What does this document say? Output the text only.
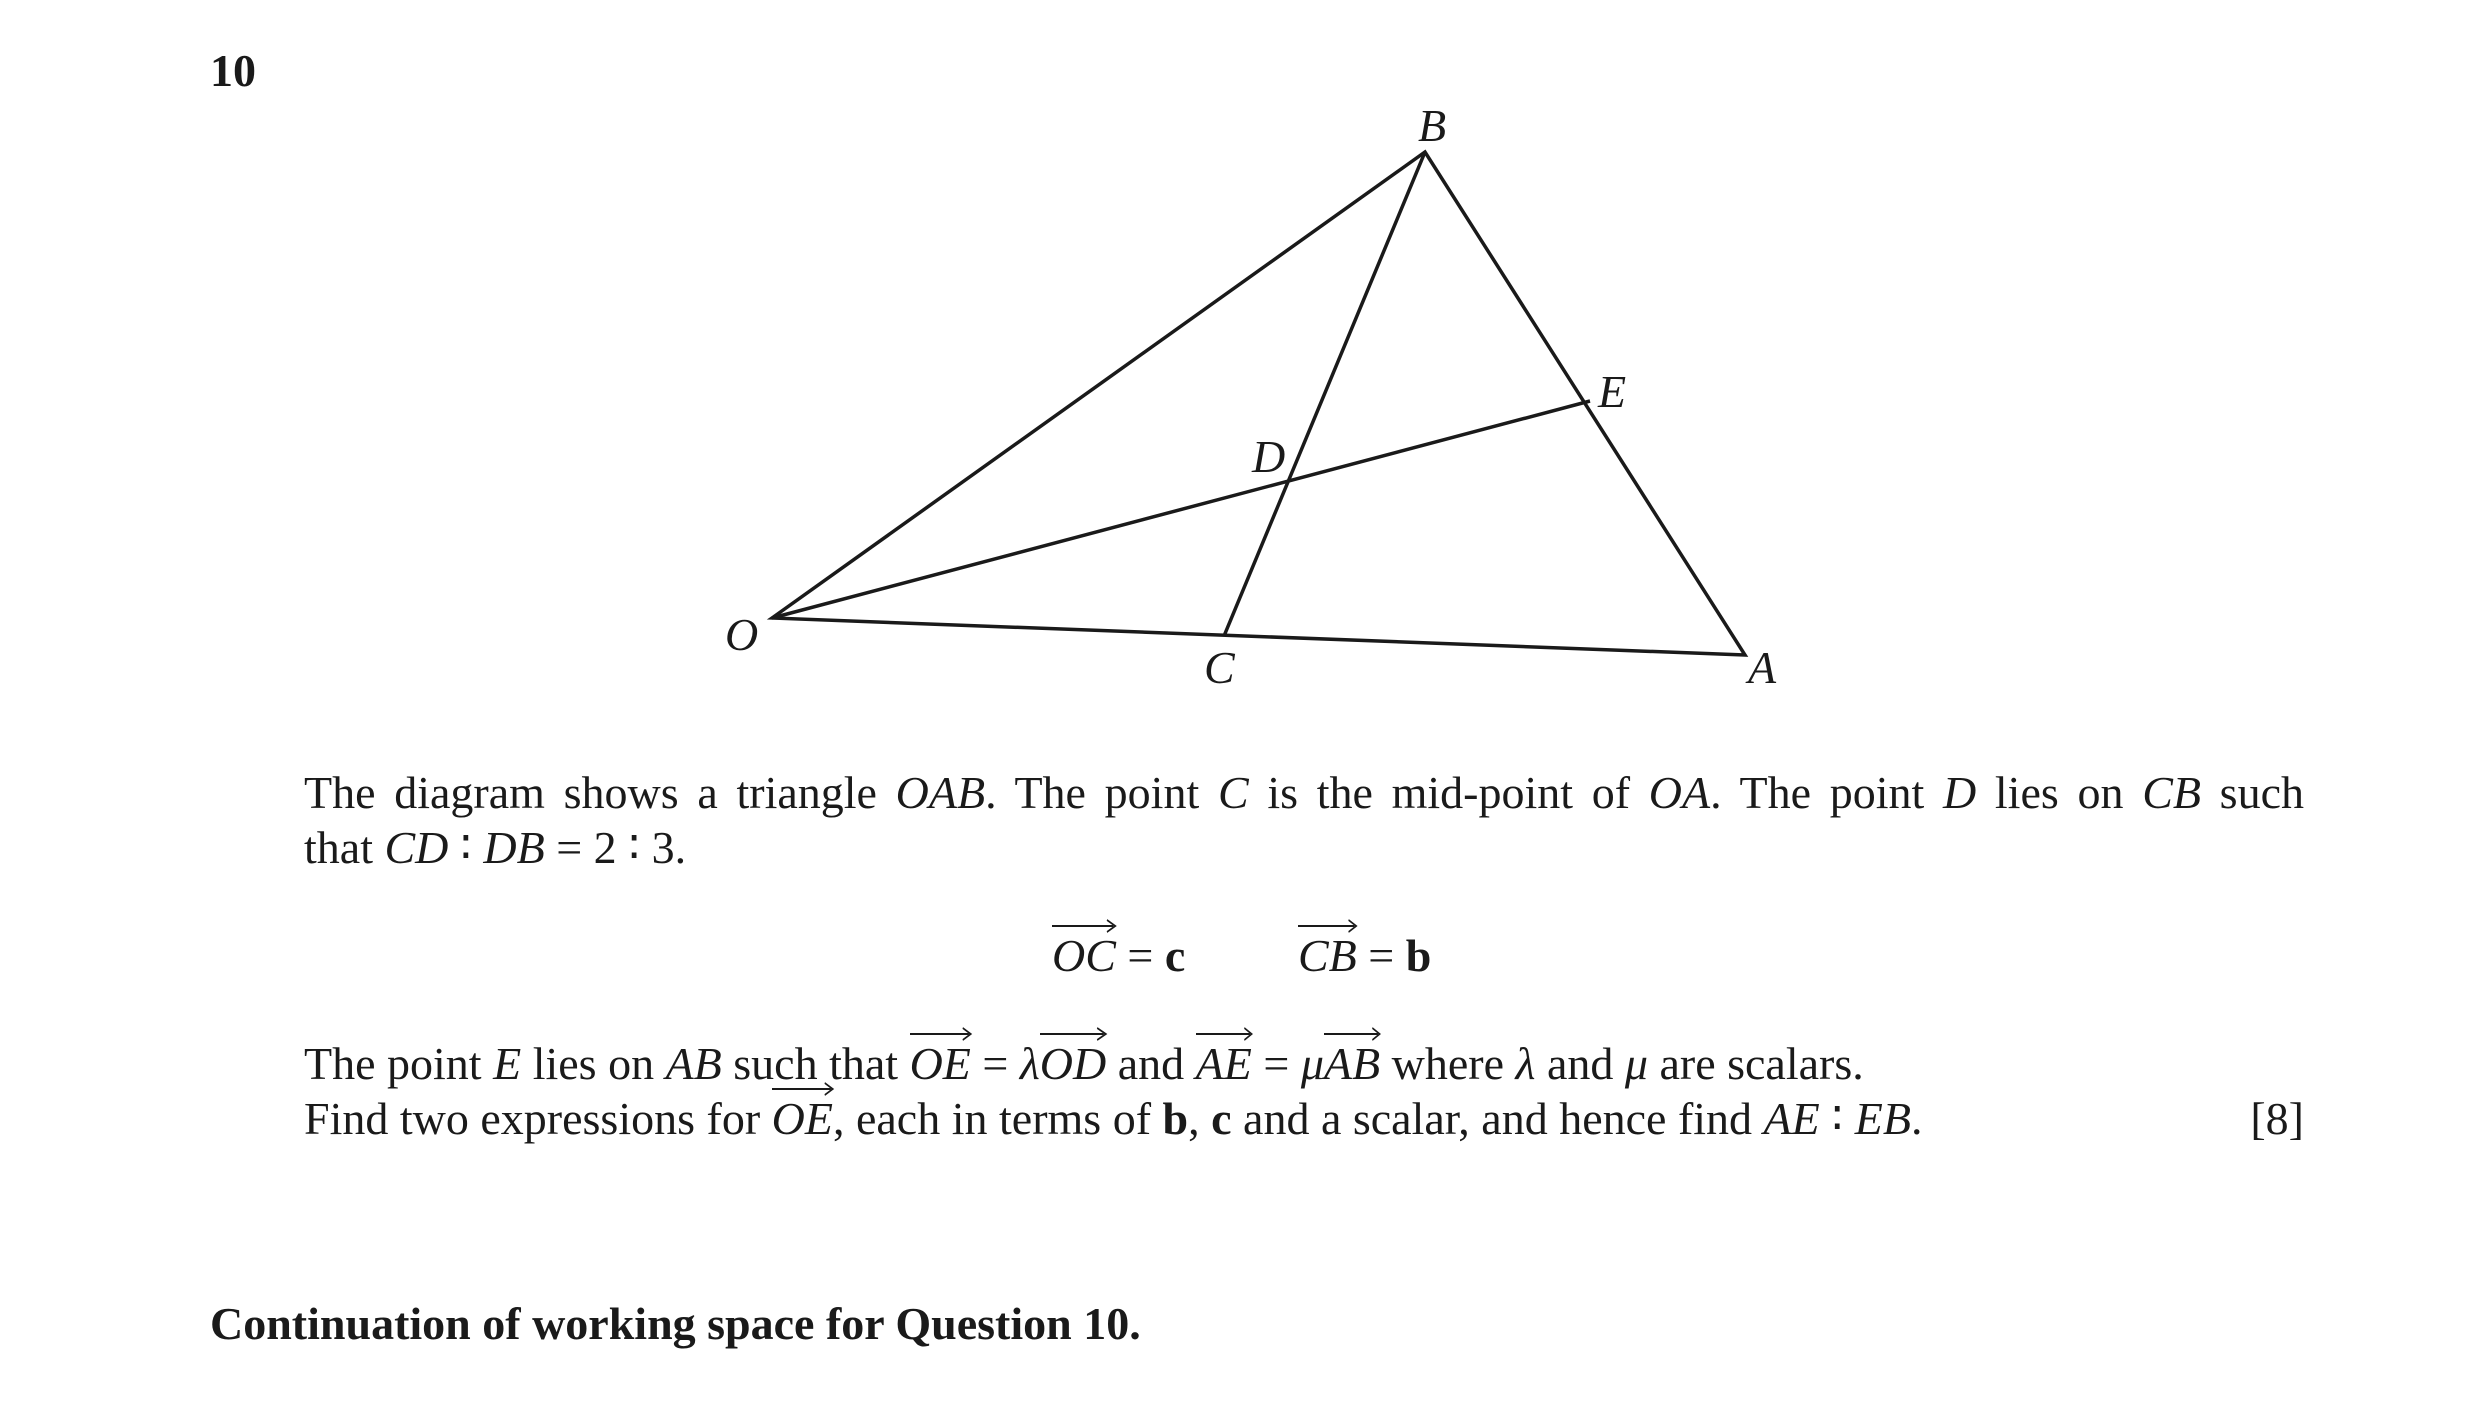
10
B
E
D
O
C	A
The diagram shows a triangle OAB. The point C is the mid-point of OA. The point D lies on CB such
that CD ∶ DB = 2 ∶ 3.
OC
= c CB
= b
The point E lies on AB such that OE
= λOD
and AE
= μAB
where λ and μ are scalars.
Find two expressions for OE
, each in terms of b, c and a scalar, and hence find AE ∶ EB.	[8]
Continuation of working space for Question 10.
